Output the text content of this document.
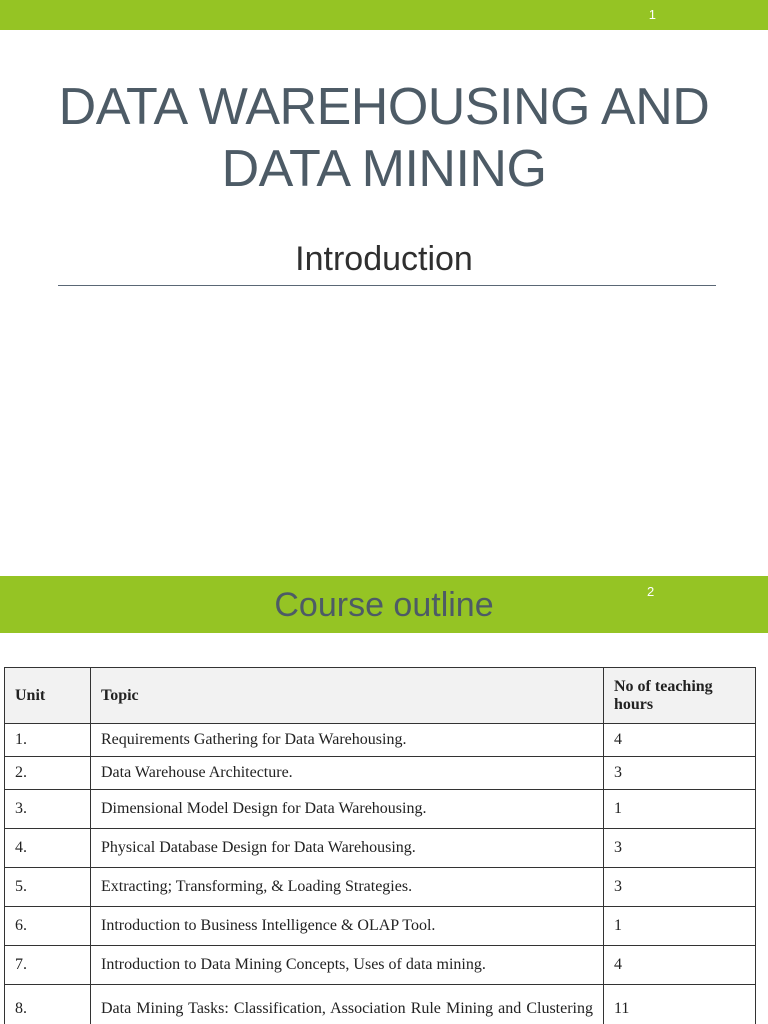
1
DATA WAREHOUSING AND
DATA MINING
Introduction
Course outline	2
Unit	Topic	No of teaching hours
1.	Requirements Gathering for Data Warehousing.	4
2.	Data Warehouse Architecture.	3
3.	Dimensional Model Design for Data Warehousing.	1
4.	Physical Database Design for Data Warehousing.	3
5.	Extracting; Transforming, & Loading Strategies.	3
6.	Introduction to Business Intelligence & OLAP Tool.	1
7.	Introduction to Data Mining Concepts, Uses of data mining.	4
8.	Data Mining Tasks: Classification, Association Rule Mining and Clustering	11
